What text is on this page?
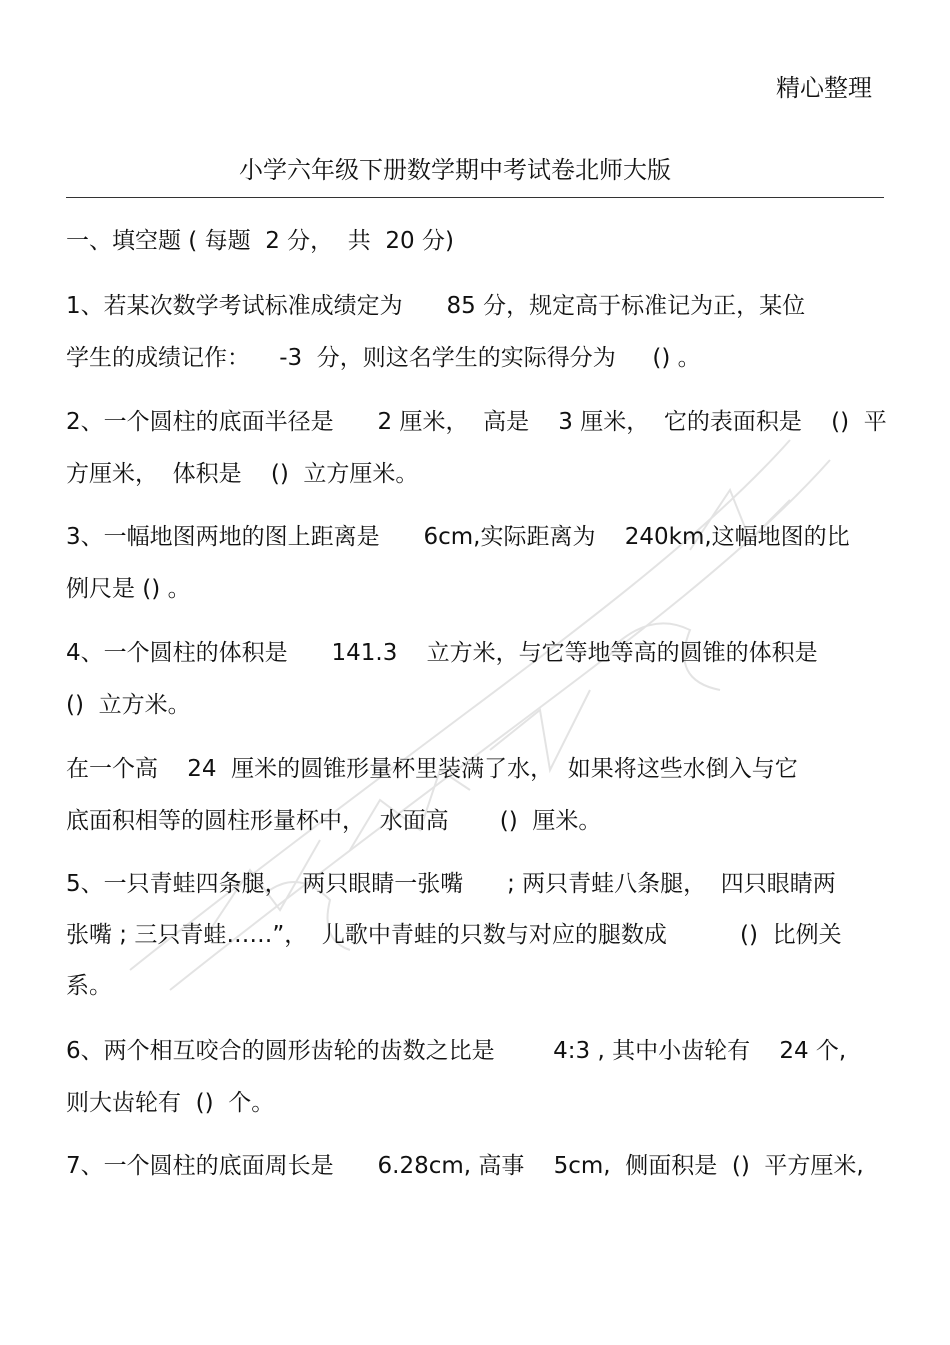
精心整理
小学六年级下册数学期中考试卷北师大版
一、填空题 ( 每题  2 分，  共  20 分)
1、若某次数学考试标准成绩定为      85 分，规定高于标准记为正，某位
学生的成绩记作：    -3  分，则这名学生的实际得分为     () 。
2、一个圆柱的底面半径是      2 厘米，  高是    3 厘米，  它的表面积是    ()  平
方厘米，  体积是    ()  立方厘米。
3、一幅地图两地的图上距离是      6cm,实际距离为    240km,这幅地图的比
例尺是 () 。
4、一个圆柱的体积是      141.3    立方米，与它等地等高的圆锥的体积是
()  立方米。
在一个高    24  厘米的圆锥形量杯里装满了水，  如果将这些水倒入与它
底面积相等的圆柱形量杯中，  水面高       ()  厘米。
5、一只青蛙四条腿，  两只眼睛一张嘴      ; 两只青蛙八条腿，  四只眼睛两
张嘴 ; 三只青蛙……”，  儿歌中青蛙的只数与对应的腿数成          ()  比例关
系。
6、两个相互咬合的圆形齿轮的齿数之比是        4:3 , 其中小齿轮有    24 个,
则大齿轮有  ()  个。
7、一个圆柱的底面周长是      6.28cm, 高事    5cm,  侧面积是  ()  平方厘米,
